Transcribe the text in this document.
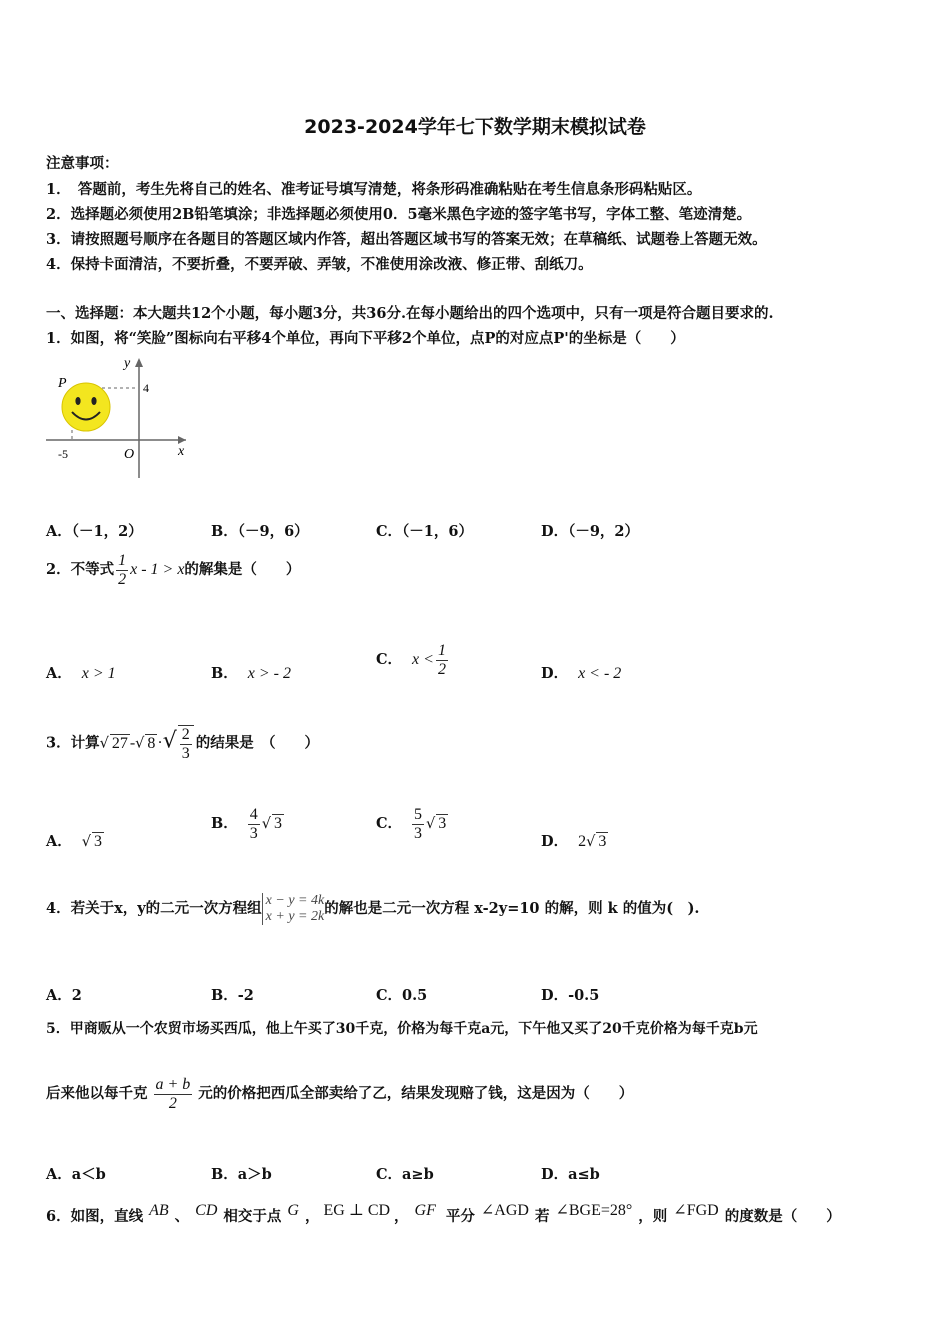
2023-2024学年七下数学期末模拟试卷
注意事项：
1．　答题前，考生先将自己的姓名、准考证号填写清楚，将条形码准确粘贴在考生信息条形码粘贴区。
2．选择题必须使用2B铅笔填涂；非选择题必须使用0．5毫米黑色字迹的签字笔书写，字体工整、笔迹清楚。
3．请按照题号顺序在各题目的答题区域内作答，超出答题区域书写的答案无效；在草稿纸、试题卷上答题无效。
4．保持卡面清洁，不要折叠，不要弄破、弄皱，不准使用涂改液、修正带、刮纸刀。
一、选择题：本大题共12个小题，每小题3分，共36分.在每小题给出的四个选项中，只有一项是符合题目要求的.
1．如图，将“笑脸”图标向右平移4个单位，再向下平移2个单位，点P的对应点P'的坐标是（　　）
P
y
x
O
4
-5
A．（－1，2）	B．（－9，6）	C．（－1，6）	D．（－9，2）
2．不等式 $\frac{1}{2}$ x - 1 > x的解集是（　　）
A． x > 1	B． x > - 2
C． $x < \frac{1}{2}$	D． x < - 2
3．计算√ 27 -√ 8 ·√ $\frac{2}{3}$ 的结果是　（　　）
A． √ 3
B． $\frac{4}{3}$ √ 3	C． $\frac{5}{3}$ √ 3
D． 2√ 3
4．若关于x，y的二元一次方程组 x − y = 4k
x + y = 2k 的解也是二元一次方程 x-2y=10 的解，则 k 的值为(　).
A．2	B．-2	C．0.5	D．-0.5
5．甲商贩从一个农贸市场买西瓜，他上午买了30千克，价格为每千克a元，下午他又买了20千克价格为每千克b元
后来他以每千克 $\frac{a + b}{2}$ 元的价格把西瓜全部卖给了乙，结果发现赔了钱，这是因为（　　）
A．a＜b	B．a＞b	C．a≥b	D．a≤b
6．如图，直线 AB 、 CD 相交于点 G ， EG ⊥ CD ， GF 平分 ∠AGD 若 ∠BGE=28° ，则 ∠FGD 的度数是（　　）
